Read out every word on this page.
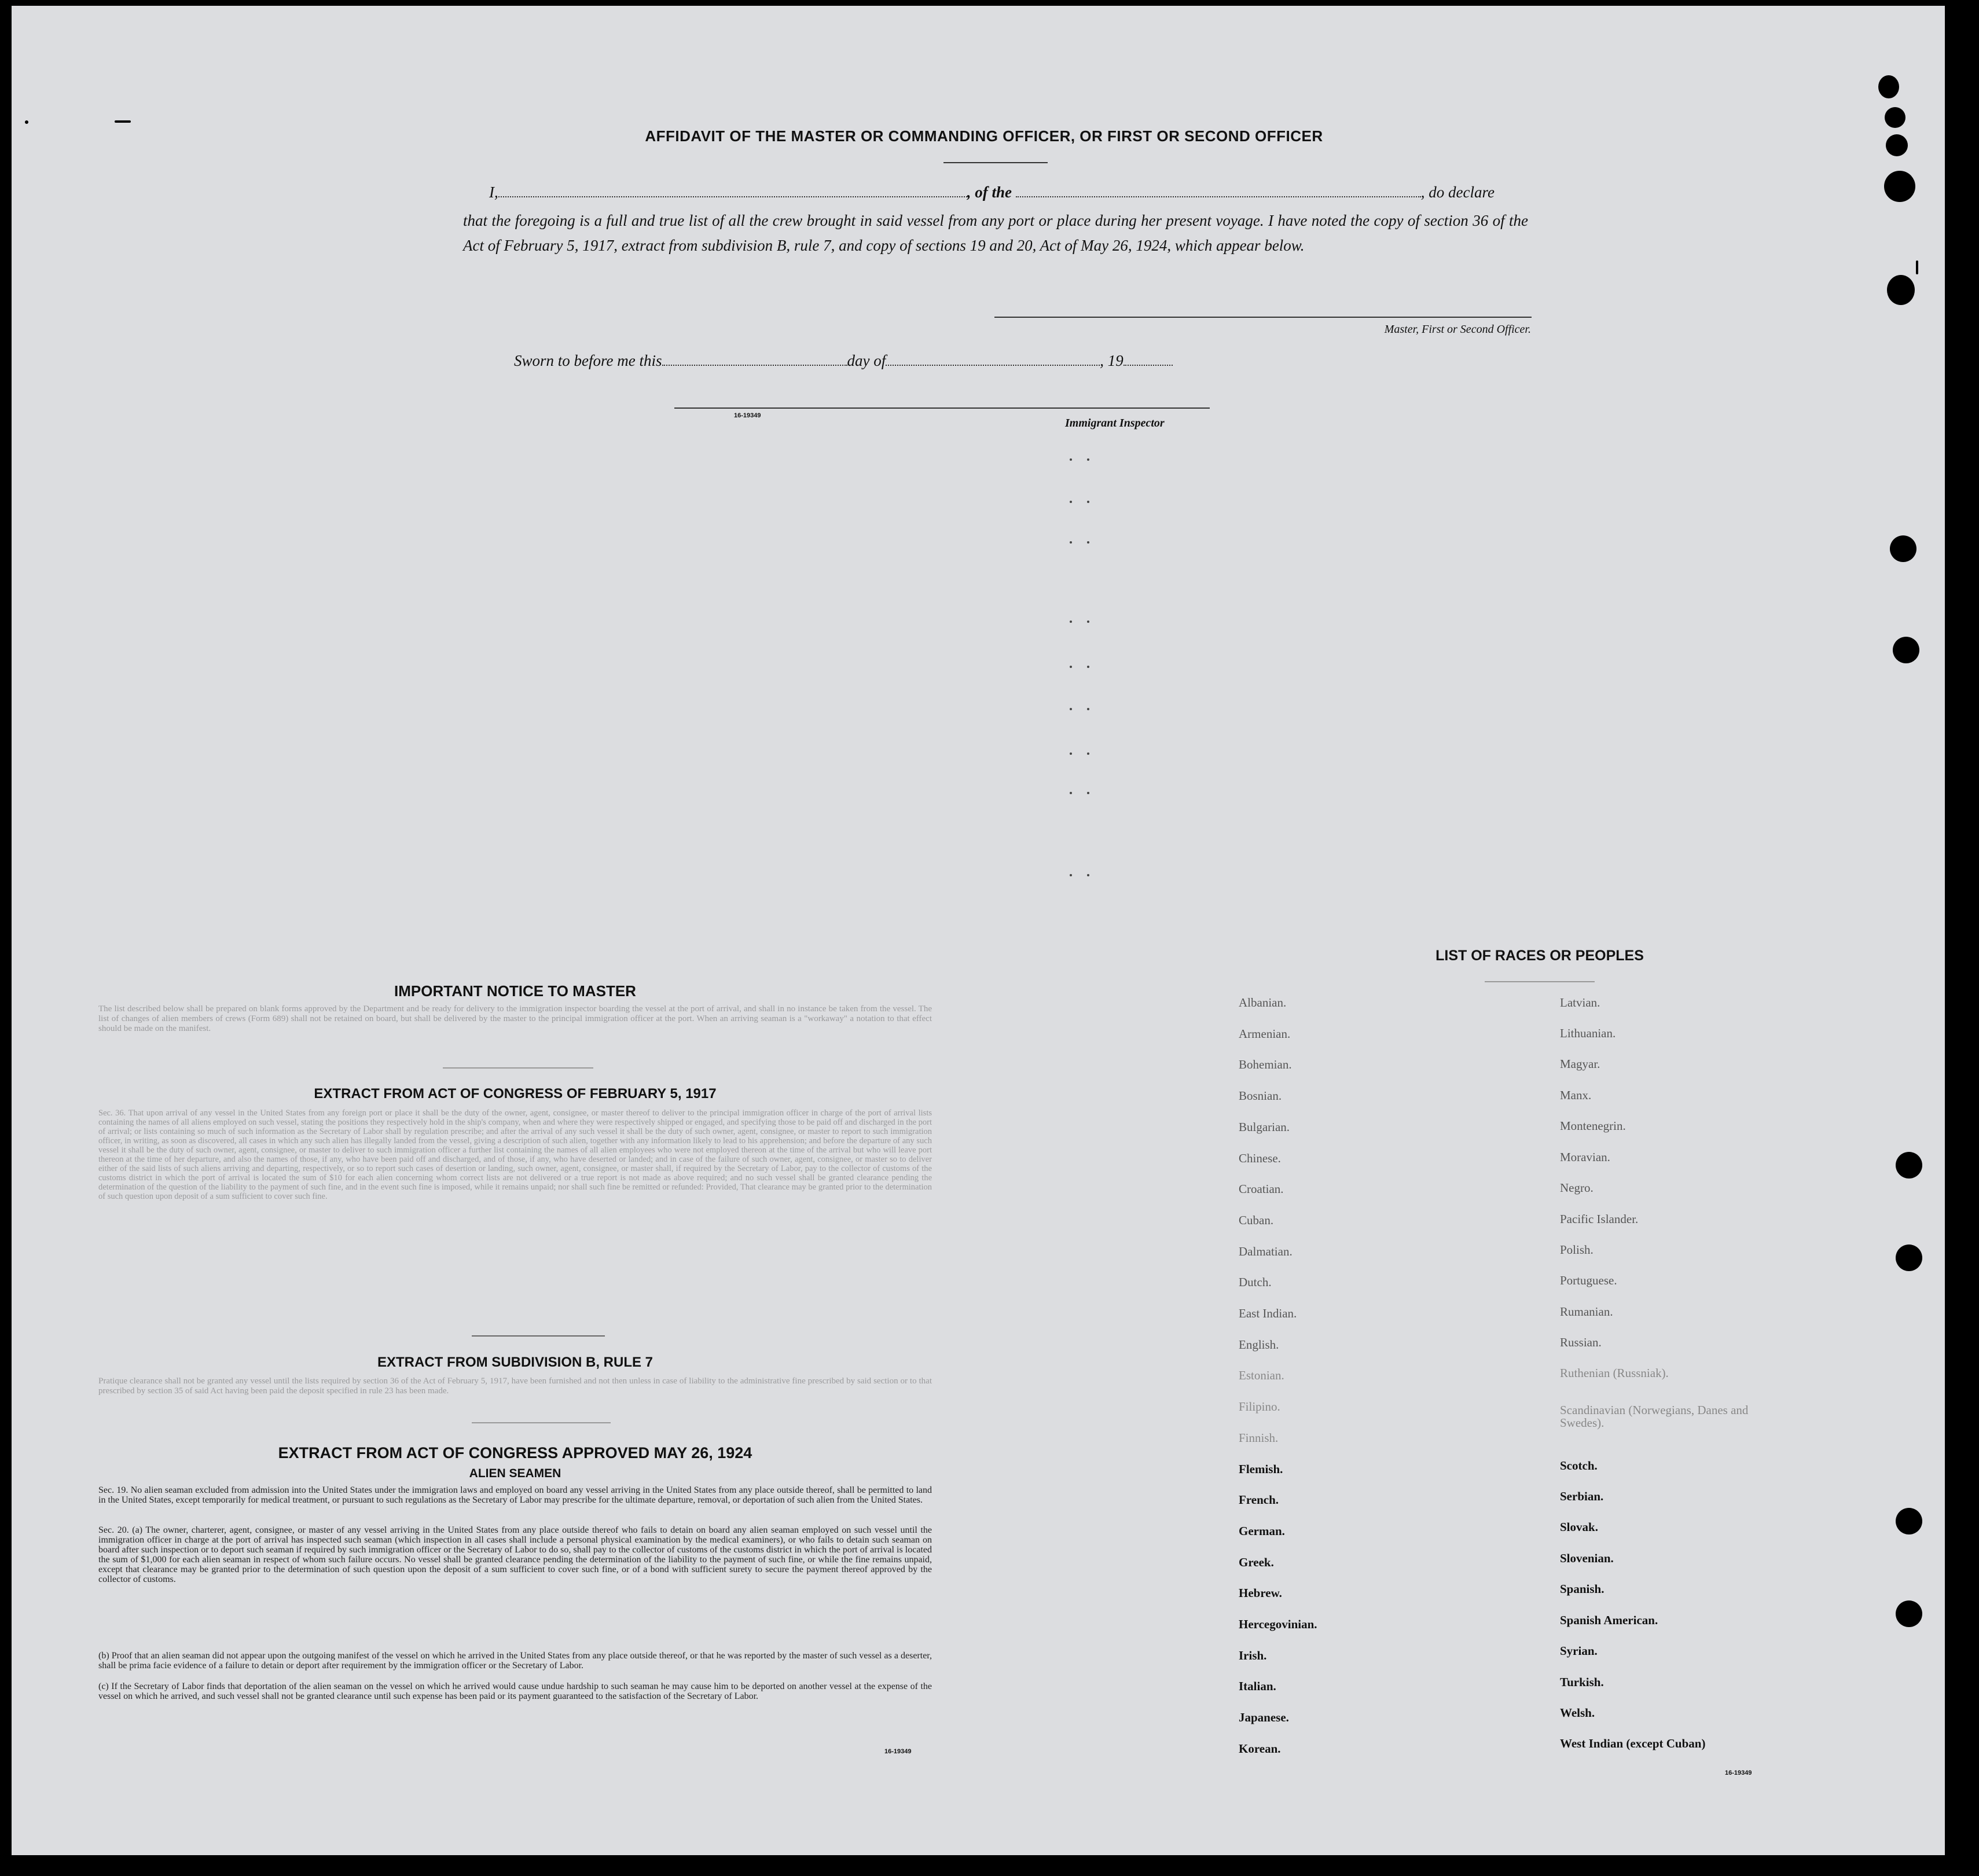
AFFIDAVIT OF THE MASTER OR COMMANDING OFFICER, OR FIRST OR SECOND OFFICER
I,	, of the	, do declare
that the foregoing is a full and true list of all the crew brought in said vessel from any port or place during her present voyage. I have noted the copy of section 36 of the Act of February 5, 1917, extract from subdivision B, rule 7, and copy of sections 19 and 20, Act of May 26, 1924, which appear below.
Master, First or Second Officer.
Sworn to before me this	day of	, 19
16-19349
Immigrant Inspector
IMPORTANT NOTICE TO MASTER
The list described below shall be prepared on blank forms approved by the Department and be ready for delivery to the immigration inspector boarding the vessel at the port of arrival, and shall in no instance be taken from the vessel. The list of changes of alien members of crews (Form 689) shall not be retained on board, but shall be delivered by the master to the principal immigration officer at the port. When an arriving seaman is a "workaway" a notation to that effect should be made on the manifest.
EXTRACT FROM ACT OF CONGRESS OF FEBRUARY 5, 1917
Sec. 36. That upon arrival of any vessel in the United States from any foreign port or place it shall be the duty of the owner, agent, consignee, or master thereof to deliver to the principal immigration officer in charge of the port of arrival lists containing the names of all aliens employed on such vessel, stating the positions they respectively hold in the ship's company, when and where they were respectively shipped or engaged, and specifying those to be paid off and discharged in the port of arrival; or lists containing so much of such information as the Secretary of Labor shall by regulation prescribe; and after the arrival of any such vessel it shall be the duty of such owner, agent, consignee, or master to report to such immigration officer, in writing, as soon as discovered, all cases in which any such alien has illegally landed from the vessel, giving a description of such alien, together with any information likely to lead to his apprehension; and before the departure of any such vessel it shall be the duty of such owner, agent, consignee, or master to deliver to such immigration officer a further list containing the names of all alien employees who were not employed thereon at the time of the arrival but who will leave port thereon at the time of her departure, and also the names of those, if any, who have been paid off and discharged, and of those, if any, who have deserted or landed; and in case of the failure of such owner, agent, consignee, or master so to deliver either of the said lists of such aliens arriving and departing, respectively, or so to report such cases of desertion or landing, such owner, agent, consignee, or master shall, if required by the Secretary of Labor, pay to the collector of customs of the customs district in which the port of arrival is located the sum of $10 for each alien concerning whom correct lists are not delivered or a true report is not made as above required; and no such vessel shall be granted clearance pending the determination of the question of the liability to the payment of such fine, and in the event such fine is imposed, while it remains unpaid; nor shall such fine be remitted or refunded: Provided, That clearance may be granted prior to the determination of such question upon deposit of a sum sufficient to cover such fine.
EXTRACT FROM SUBDIVISION B, RULE 7
Pratique clearance shall not be granted any vessel until the lists required by section 36 of the Act of February 5, 1917, have been furnished and not then unless in case of liability to the administrative fine prescribed by said section or to that prescribed by section 35 of said Act having been paid the deposit specified in rule 23 has been made.
EXTRACT FROM ACT OF CONGRESS APPROVED MAY 26, 1924
ALIEN SEAMEN
Sec. 19. No alien seaman excluded from admission into the United States under the immigration laws and employed on board any vessel arriving in the United States from any place outside thereof, shall be permitted to land in the United States, except temporarily for medical treatment, or pursuant to such regulations as the Secretary of Labor may prescribe for the ultimate departure, removal, or deportation of such alien from the United States.
Sec. 20. (a) The owner, charterer, agent, consignee, or master of any vessel arriving in the United States from any place outside thereof who fails to detain on board any alien seaman employed on such vessel until the immigration officer in charge at the port of arrival has inspected such seaman (which inspection in all cases shall include a personal physical examination by the medical examiners), or who fails to detain such seaman on board after such inspection or to deport such seaman if required by such immigration officer or the Secretary of Labor to do so, shall pay to the collector of customs of the customs district in which the port of arrival is located the sum of $1,000 for each alien seaman in respect of whom such failure occurs. No vessel shall be granted clearance pending the determination of the liability to the payment of such fine, or while the fine remains unpaid, except that clearance may be granted prior to the determination of such question upon the deposit of a sum sufficient to cover such fine, or of a bond with sufficient surety to secure the payment thereof approved by the collector of customs.
(b) Proof that an alien seaman did not appear upon the outgoing manifest of the vessel on which he arrived in the United States from any place outside thereof, or that he was reported by the master of such vessel as a deserter, shall be prima facie evidence of a failure to detain or deport after requirement by the immigration officer or the Secretary of Labor.
(c) If the Secretary of Labor finds that deportation of the alien seaman on the vessel on which he arrived would cause undue hardship to such seaman he may cause him to be deported on another vessel at the expense of the vessel on which he arrived, and such vessel shall not be granted clearance until such expense has been paid or its payment guaranteed to the satisfaction of the Secretary of Labor.
16-19349
LIST OF RACES OR PEOPLES
16-19349
Albanian.
Armenian.
Bohemian.
Bosnian.
Bulgarian.
Chinese.
Croatian.
Cuban.
Dalmatian.
Dutch.
East Indian.
English.
Estonian.
Filipino.
Finnish.
Flemish.
French.
German.
Greek.
Hebrew.
Hercegovinian.
Irish.
Italian.
Japanese.
Korean.
Latvian.
Lithuanian.
Magyar.
Manx.
Montenegrin.
Moravian.
Negro.
Pacific Islander.
Polish.
Portuguese.
Rumanian.
Russian.
Ruthenian (Russniak).
Scandinavian (Norwegians, Danes and Swedes).
Scotch.
Serbian.
Slovak.
Slovenian.
Spanish.
Spanish American.
Syrian.
Turkish.
Welsh.
West Indian (except Cuban)
